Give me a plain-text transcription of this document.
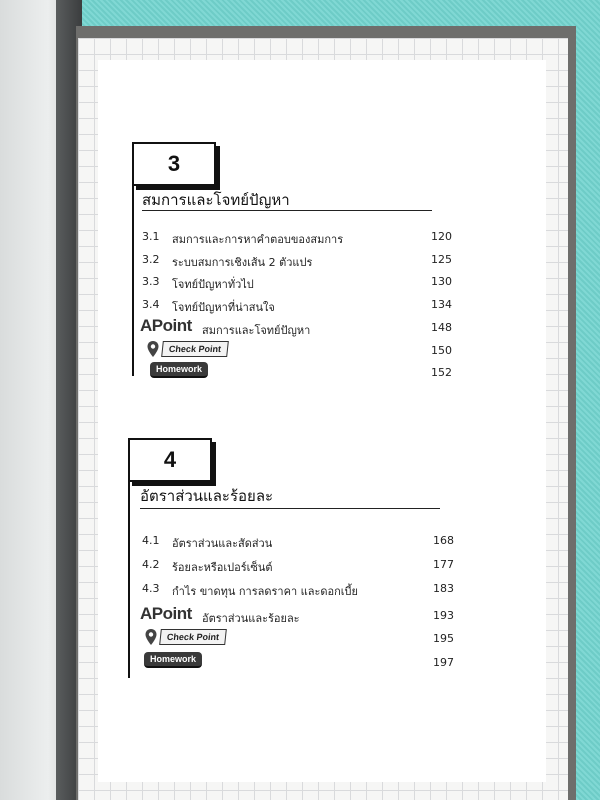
3
สมการและโจทย์ปัญหา
3.1 สมการและการหาคำตอบของสมการ	120
3.2 ระบบสมการเชิงเส้น 2 ตัวแปร	125
3.3 โจทย์ปัญหาทั่วไป	130
3.4 โจทย์ปัญหาที่น่าสนใจ	134
APoint สมการและโจทย์ปัญหา	148
Check Point	150
Homework	152
4
อัตราส่วนและร้อยละ
4.1 อัตราส่วนและสัดส่วน	168
4.2 ร้อยละหรือเปอร์เซ็นต์	177
4.3 กำไร ขาดทุน การลดราคา และดอกเบี้ย	183
APoint อัตราส่วนและร้อยละ	193
Check Point	195
Homework	197
